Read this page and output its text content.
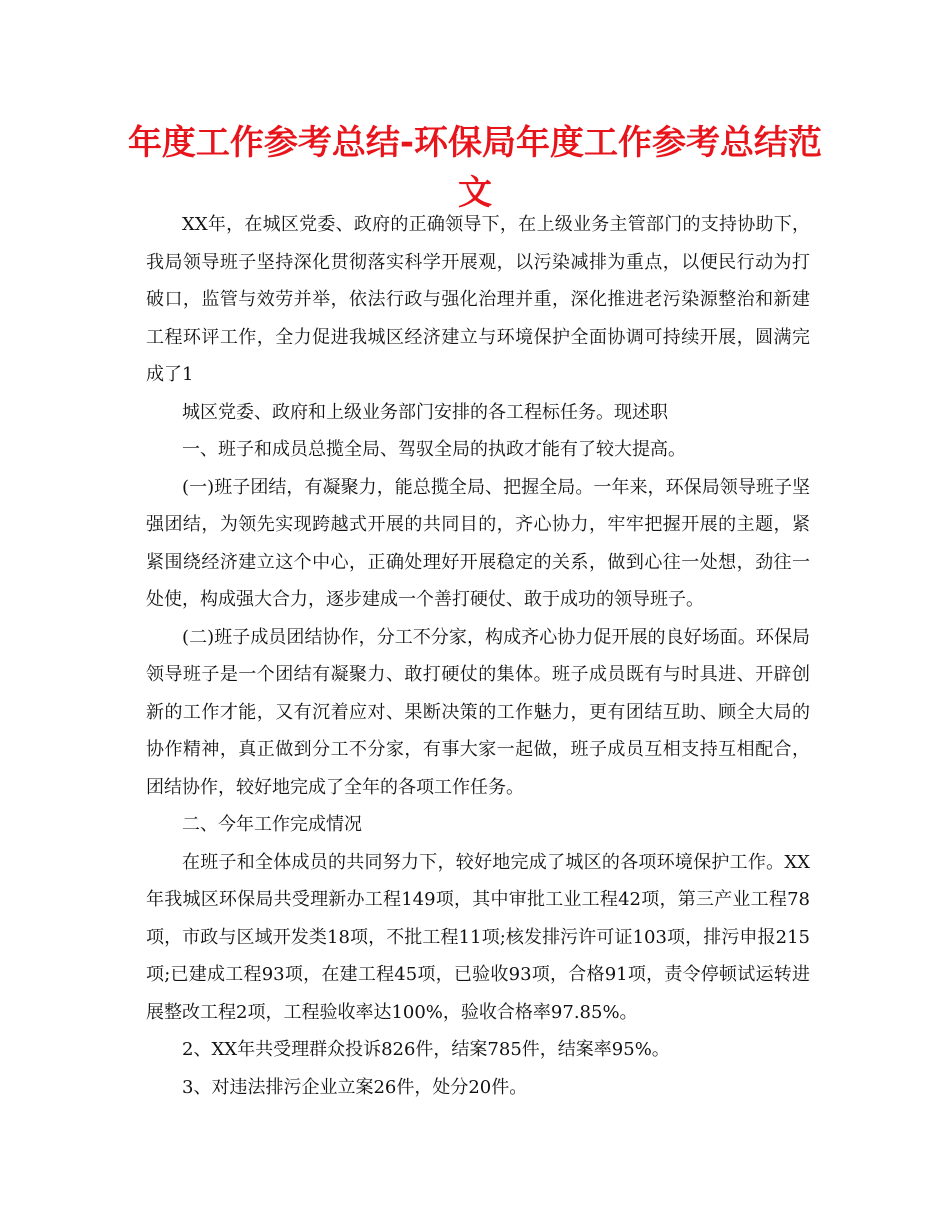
年度工作参考总结-环保局年度工作参考总结范文

XX年，在城区党委、政府的正确领导下，在上级业务主管部门的支持协助下，我局领导班子坚持深化贯彻落实科学开展观，以污染减排为重点，以便民行动为打破口，监管与效劳并举，依法行政与强化治理并重，深化推进老污染源整治和新建工程环评工作，全力促进我城区经济建立与环境保护全面协调可持续开展，圆满完成了1

城区党委、政府和上级业务部门安排的各工程标任务。现述职

一、班子和成员总揽全局、驾驭全局的执政才能有了较大提高。

(一)班子团结，有凝聚力，能总揽全局、把握全局。一年来，环保局领导班子坚强团结，为领先实现跨越式开展的共同目的，齐心协力，牢牢把握开展的主题，紧紧围绕经济建立这个中心，正确处理好开展稳定的关系，做到心往一处想，劲往一处使，构成强大合力，逐步建成一个善打硬仗、敢于成功的领导班子。

(二)班子成员团结协作，分工不分家，构成齐心协力促开展的良好场面。环保局领导班子是一个团结有凝聚力、敢打硬仗的集体。班子成员既有与时具进、开辟创新的工作才能，又有沉着应对、果断决策的工作魅力，更有团结互助、顾全大局的协作精神，真正做到分工不分家，有事大家一起做，班子成员互相支持互相配合，团结协作，较好地完成了全年的各项工作任务。

二、今年工作完成情况

在班子和全体成员的共同努力下，较好地完成了城区的各项环境保护工作。XX年我城区环保局共受理新办工程149项，其中审批工业工程42项，第三产业工程78项，市政与区域开发类18项，不批工程11项;核发排污许可证103项，排污申报215项;已建成工程93项，在建工程45项，已验收93项，合格91项，责令停顿试运转进展整改工程2项，工程验收率达100%，验收合格率97.85%。

2、XX年共受理群众投诉826件，结案785件，结案率95%。

3、对违法排污企业立案26件，处分20件。
